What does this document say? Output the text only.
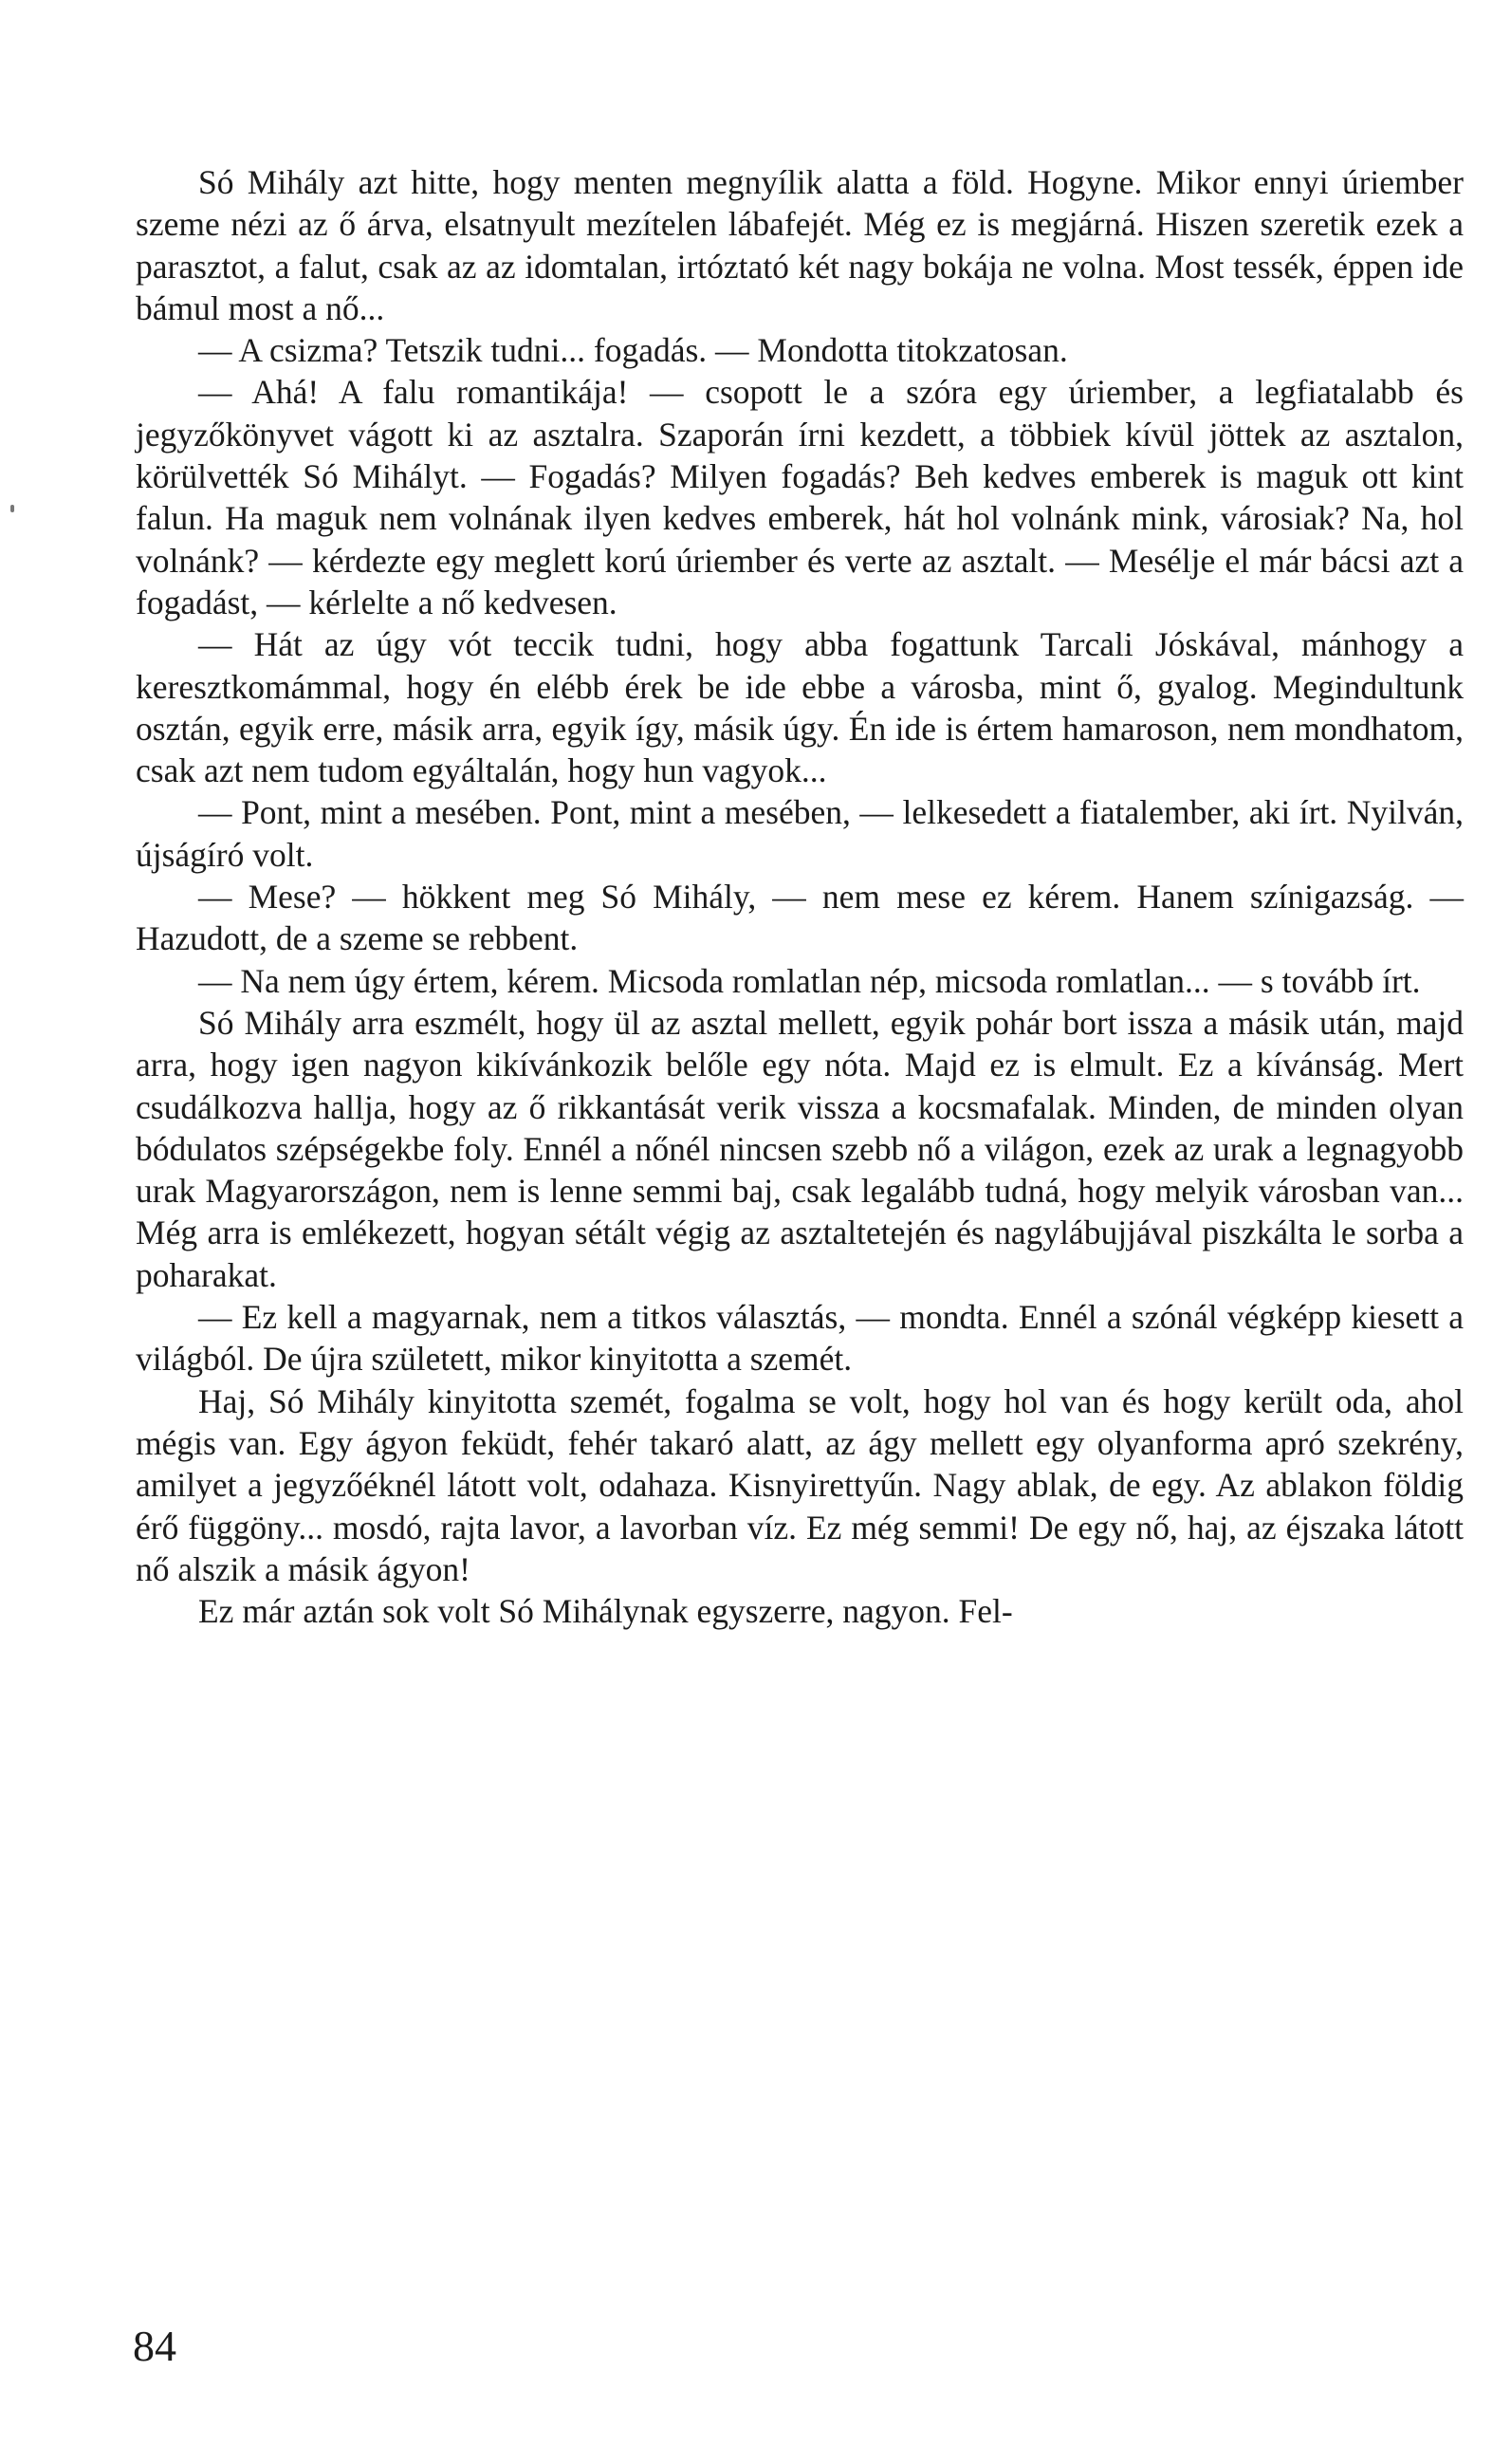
Só Mihály azt hitte, hogy menten megnyílik alatta a föld. Hogyne. Mikor ennyi úriember szeme nézi az ő árva, elsatnyult mezítelen lábafejét. Még ez is megjárná. Hiszen szeretik ezek a parasztot, a falut, csak az az idomtalan, irtóztató két nagy bokája ne volna. Most tessék, éppen ide bámul most a nő...

— A csizma? Tetszik tudni... fogadás. — Mondotta titokzatosan.

— Ahá! A falu romantikája! — csopott le a szóra egy úriember, a legfiatalabb és jegyzőkönyvet vágott ki az asztalra. Szaporán írni kezdett, a többiek kívül jöttek az asztalon, körülvették Só Mihályt. — Fogadás? Milyen fogadás? Beh kedves emberek is maguk ott kint falun. Ha maguk nem volnának ilyen kedves emberek, hát hol volnánk mink, városiak? Na, hol volnánk? — kérdezte egy meglett korú úriember és verte az asztalt. — Mesélje el már bácsi azt a fogadást, — kérlelte a nő kedvesen.

— Hát az úgy vót teccik tudni, hogy abba fogattunk Tarcali Jóskával, mánhogy a keresztkomámmal, hogy én elébb érek be ide ebbe a városba, mint ő, gyalog. Megindultunk osztán, egyik erre, másik arra, egyik így, másik úgy. Én ide is értem hamaroson, nem mondhatom, csak azt nem tudom egyáltalán, hogy hun vagyok...

— Pont, mint a mesében. Pont, mint a mesében, — lelkesedett a fiatalember, aki írt. Nyilván, újságíró volt.

— Mese? — hökkent meg Só Mihály, — nem mese ez kérem. Hanem színigazság. — Hazudott, de a szeme se rebbent.

— Na nem úgy értem, kérem. Micsoda romlatlan nép, micsoda romlatlan... — s tovább írt.

Só Mihály arra eszmélt, hogy ül az asztal mellett, egyik pohár bort issza a másik után, majd arra, hogy igen nagyon kikívánkozik belőle egy nóta. Majd ez is elmult. Ez a kívánság. Mert csudálkozva hallja, hogy az ő rikkantását verik vissza a kocsmafalak. Minden, de minden olyan bódulatos szépségekbe foly. Ennél a nőnél nincsen szebb nő a világon, ezek az urak a legnagyobb urak Magyarországon, nem is lenne semmi baj, csak legalább tudná, hogy melyik városban van... Még arra is emlékezett, hogyan sétált végig az asztaltetején és nagylábujjával piszkálta le sorba a poharakat.

— Ez kell a magyarnak, nem a titkos választás, — mondta. Ennél a szónál végképp kiesett a világból. De újra született, mikor kinyitotta a szemét.

Haj, Só Mihály kinyitotta szemét, fogalma se volt, hogy hol van és hogy került oda, ahol mégis van. Egy ágyon feküdt, fehér takaró alatt, az ágy mellett egy olyanforma apró szekrény, amilyet a jegyzőéknél látott volt, odahaza. Kisnyirettyűn. Nagy ablak, de egy. Az ablakon földig érő függöny... mosdó, rajta lavor, a lavorban víz. Ez még semmi! De egy nő, haj, az éjszaka látott nő alszik a másik ágyon!

Ez már aztán sok volt Só Mihálynak egyszerre, nagyon. Fel-

84
